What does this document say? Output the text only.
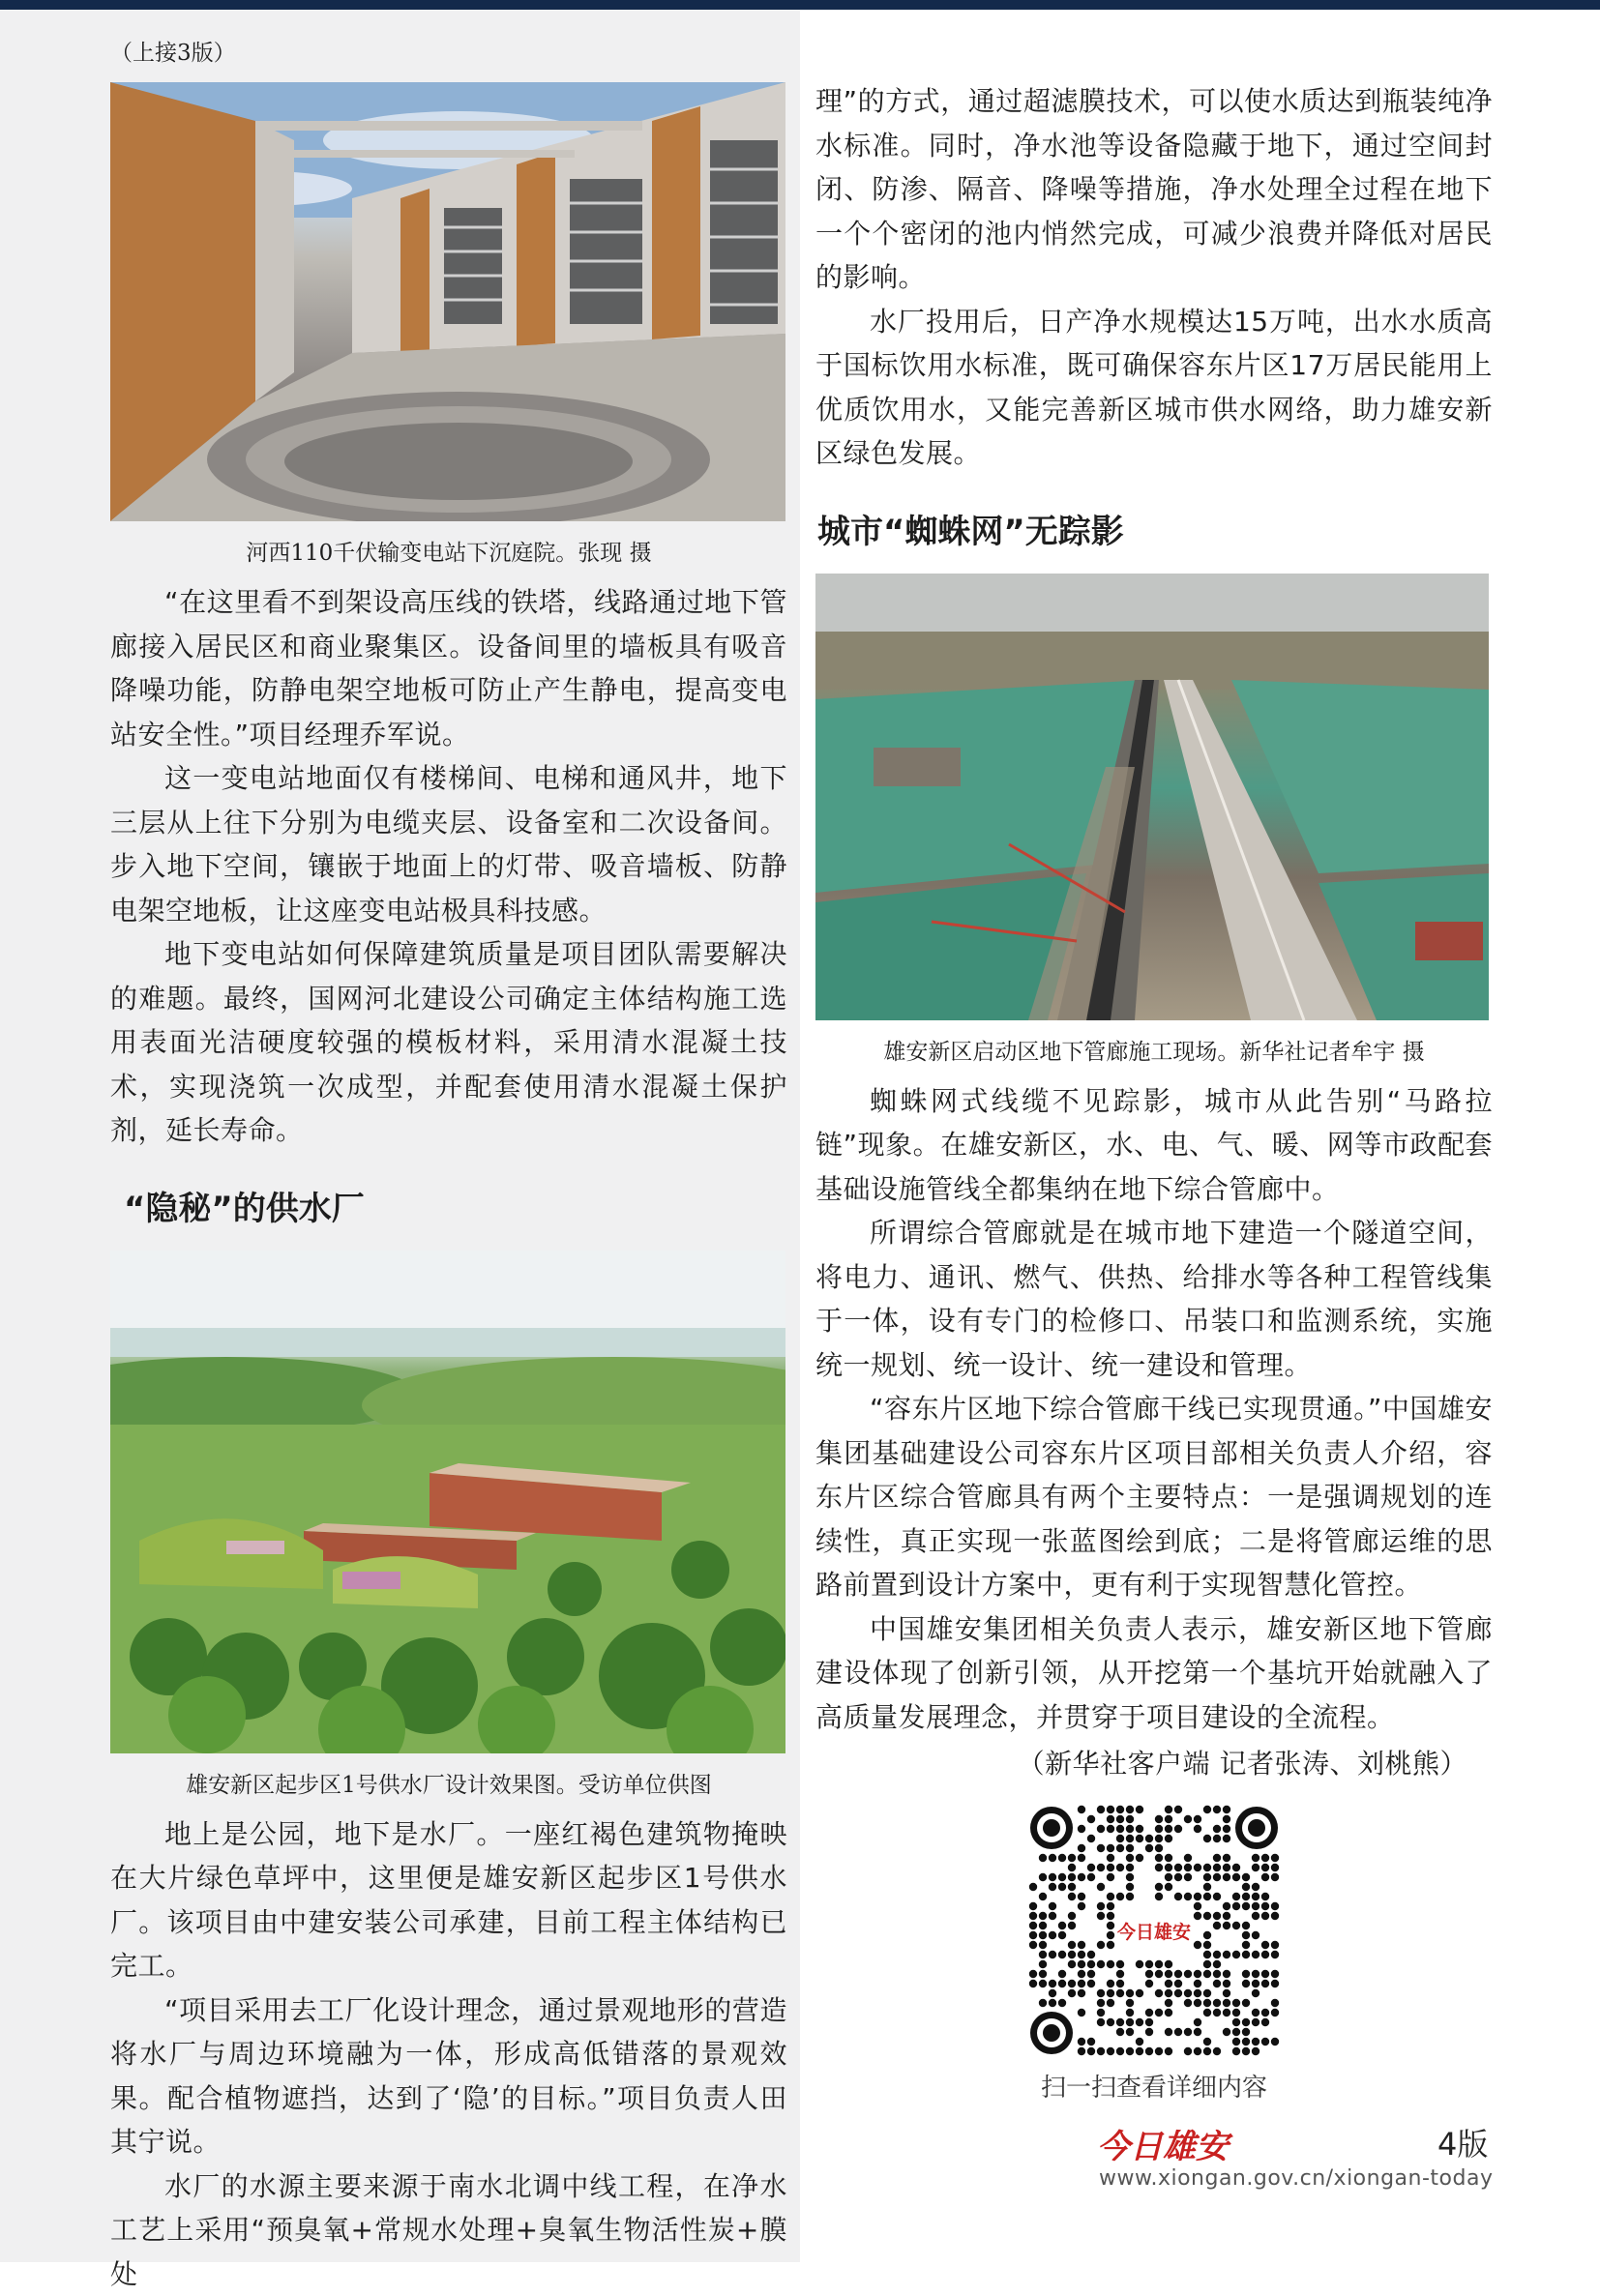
（上接3版）
河西110千伏输变电站下沉庭院。张现 摄

“在这里看不到架设高压线的铁塔，线路通过地下管廊接入居民区和商业聚集区。设备间里的墙板具有吸音降噪功能，防静电架空地板可防止产生静电，提高变电站安全性。”项目经理乔军说。

这一变电站地面仅有楼梯间、电梯和通风井，地下三层从上往下分别为电缆夹层、设备室和二次设备间。步入地下空间，镶嵌于地面上的灯带、吸音墙板、防静电架空地板，让这座变电站极具科技感。

地下变电站如何保障建筑质量是项目团队需要解决的难题。最终，国网河北建设公司确定主体结构施工选用表面光洁硬度较强的模板材料，采用清水混凝土技术，实现浇筑一次成型，并配套使用清水混凝土保护剂，延长寿命。

“隐秘”的供水厂
雄安新区起步区1号供水厂设计效果图。受访单位供图

地上是公园，地下是水厂。一座红褐色建筑物掩映在大片绿色草坪中，这里便是雄安新区起步区1号供水厂。该项目由中建安装公司承建，目前工程主体结构已完工。

“项目采用去工厂化设计理念，通过景观地形的营造将水厂与周边环境融为一体，形成高低错落的景观效果。配合植物遮挡，达到了‘隐’的目标。”项目负责人田其宁说。

水厂的水源主要来源于南水北调中线工程，在净水工艺上采用“预臭氧+常规水处理+臭氧生物活性炭+膜处

理”的方式，通过超滤膜技术，可以使水质达到瓶装纯净水标准。同时，净水池等设备隐藏于地下，通过空间封闭、防渗、隔音、降噪等措施，净水处理全过程在地下一个个密闭的池内悄然完成，可减少浪费并降低对居民的影响。

水厂投用后，日产净水规模达15万吨，出水水质高于国标饮用水标准，既可确保容东片区17万居民能用上优质饮用水，又能完善新区城市供水网络，助力雄安新区绿色发展。

城市“蜘蛛网”无踪影
雄安新区启动区地下管廊施工现场。新华社记者牟宇 摄

蜘蛛网式线缆不见踪影，城市从此告别“马路拉链”现象。在雄安新区，水、电、气、暖、网等市政配套基础设施管线全都集纳在地下综合管廊中。

所谓综合管廊就是在城市地下建造一个隧道空间，将电力、通讯、燃气、供热、给排水等各种工程管线集于一体，设有专门的检修口、吊装口和监测系统，实施统一规划、统一设计、统一建设和管理。

“容东片区地下综合管廊干线已实现贯通。”中国雄安集团基础建设公司容东片区项目部相关负责人介绍，容东片区综合管廊具有两个主要特点：一是强调规划的连续性，真正实现一张蓝图绘到底；二是将管廊运维的思路前置到设计方案中，更有利于实现智慧化管控。

中国雄安集团相关负责人表示，雄安新区地下管廊建设体现了创新引领，从开挖第一个基坑开始就融入了高质量发展理念，并贯穿于项目建设的全流程。

（新华社客户端 记者张涛、刘桃熊）
今日雄安
扫一扫查看详细内容
今日雄安	4版
www.xiongan.gov.cn/xiongan-today
